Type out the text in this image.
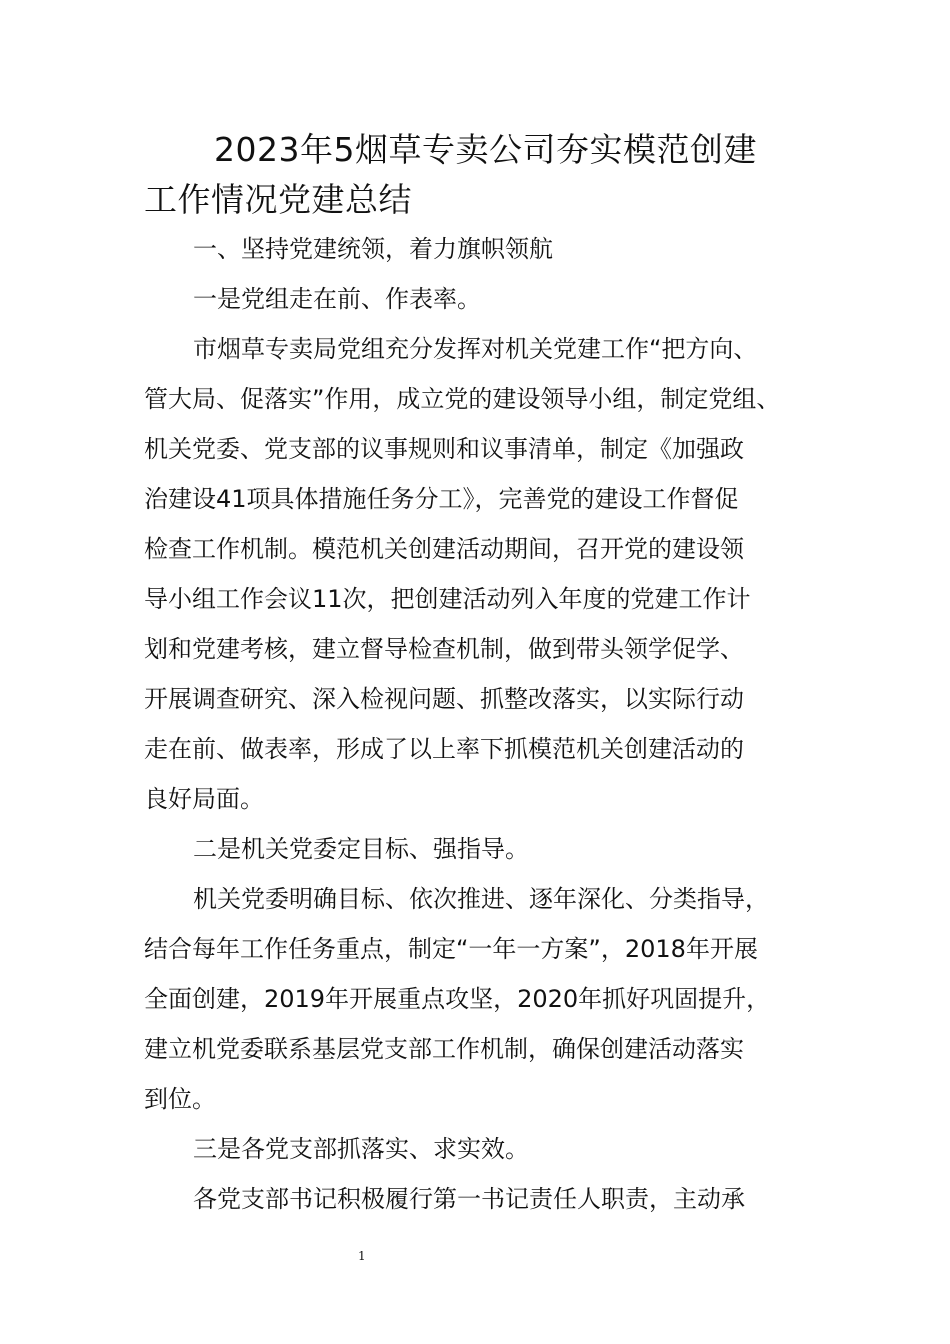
2023年5烟草专卖公司夯实模范创建
工作情况党建总结
一、坚持党建统领，着力旗帜领航
一是党组走在前、作表率。
市烟草专卖局党组充分发挥对机关党建工作“把方向、
管大局、促落实”作用，成立党的建设领导小组，制定党组、
机关党委、党支部的议事规则和议事清单，制定《加强政
治建设41项具体措施任务分工》，完善党的建设工作督促
检查工作机制。模范机关创建活动期间，召开党的建设领
导小组工作会议11次，把创建活动列入年度的党建工作计
划和党建考核，建立督导检查机制，做到带头领学促学、
开展调查研究、深入检视问题、抓整改落实，以实际行动
走在前、做表率，形成了以上率下抓模范机关创建活动的
良好局面。
二是机关党委定目标、强指导。
机关党委明确目标、依次推进、逐年深化、分类指导，
结合每年工作任务重点，制定“一年一方案”，2018年开展
全面创建，2019年开展重点攻坚，2020年抓好巩固提升，
建立机党委联系基层党支部工作机制，确保创建活动落实
到位。
三是各党支部抓落实、求实效。
各党支部书记积极履行第一书记责任人职责，主动承
1
